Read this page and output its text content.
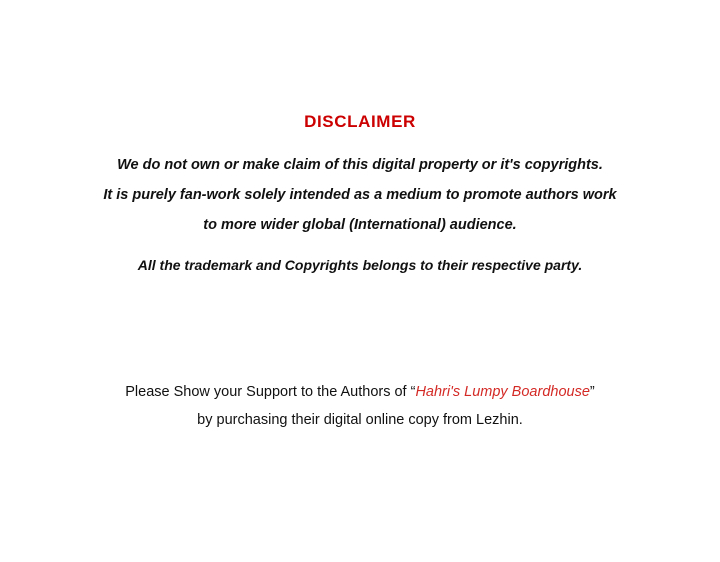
DISCLAIMER
We do not own or make claim of this digital property or it's copyrights.
It is purely fan-work solely intended as a medium to promote authors work
to more wider global (International) audience.
All the trademark and Copyrights belongs to their respective party.
Please Show your Support to the Authors of “Hahri's Lumpy Boardhouse”
by purchasing their digital online copy from Lezhin.
